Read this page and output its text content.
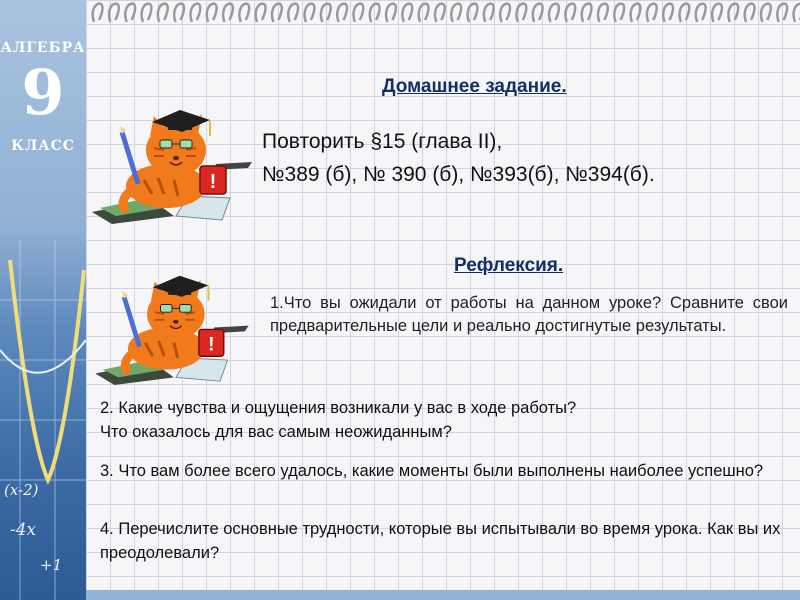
АЛГЕБРА
9
КЛАСС
(x-2)
-4x
+1
Домашнее задание.
!
Повторить §15 (глава II),
№389 (б), № 390 (б), №393(б), №394(б).
Рефлексия.
!
1.Что вы ожидали от работы на данном уроке? Сравните свои предварительные цели и реально достигнутые результаты.
2. Какие чувства и ощущения возникали у вас в ходе работы?
Что оказалось для вас самым неожиданным?
3. Что вам более всего удалось, какие моменты были выполнены наиболее успешно?
4. Перечислите основные трудности, которые вы испытывали во время урока. Как вы их преодолевали?
